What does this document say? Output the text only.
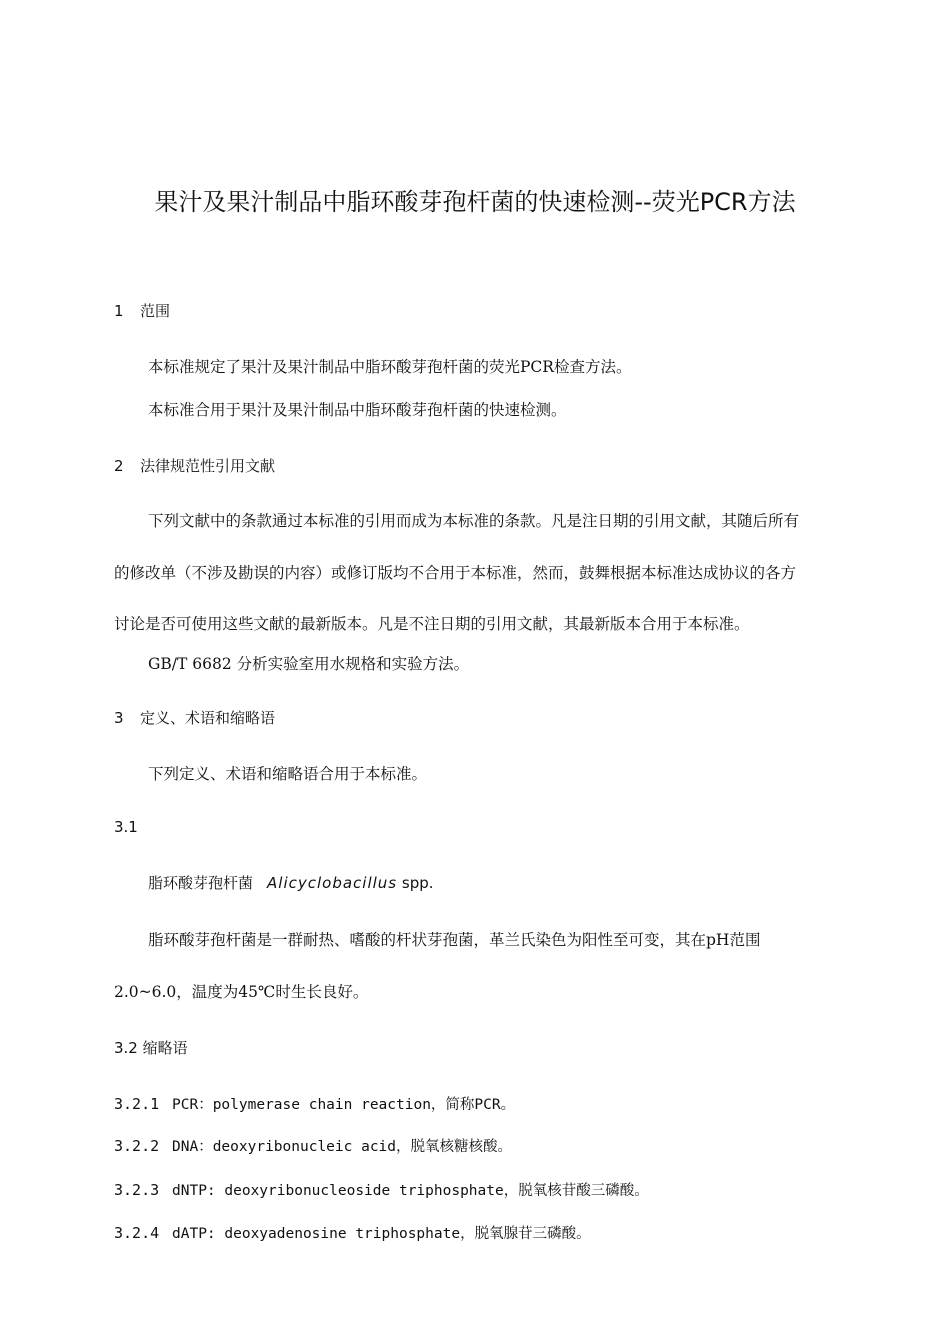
果汁及果汁制品中脂环酸芽孢杆菌的快速检测--荧光PCR方法
1 范围
本标准规定了果汁及果汁制品中脂环酸芽孢杆菌的荧光PCR检查方法。
本标准合用于果汁及果汁制品中脂环酸芽孢杆菌的快速检测。
2 法律规范性引用文献
下列文献中的条款通过本标准的引用而成为本标准的条款。凡是注日期的引用文献，其随后所有
的修改单（不涉及勘误的内容）或修订版均不合用于本标准，然而，鼓舞根据本标准达成协议的各方
讨论是否可使用这些文献的最新版本。凡是不注日期的引用文献，其最新版本合用于本标准。
GB/T 6682 分析实验室用水规格和实验方法。
3 定义、术语和缩略语
下列定义、术语和缩略语合用于本标准。
3.1
脂环酸芽孢杆菌 Alicyclobacillus spp.
脂环酸芽孢杆菌是一群耐热、嗜酸的杆状芽孢菌，革兰氏染色为阳性至可变，其在pH范围
2.0~6.0，温度为45℃时生长良好。
3.2 缩略语
3.2.1 PCR：polymerase chain reaction，简称PCR。
3.2.2 DNA：deoxyribonucleic acid，脱氧核糖核酸。
3.2.3 dNTP: deoxyribonucleoside triphosphate，脱氧核苷酸三磷酸。
3.2.4 dATP: deoxyadenosine triphosphate，脱氧腺苷三磷酸。
